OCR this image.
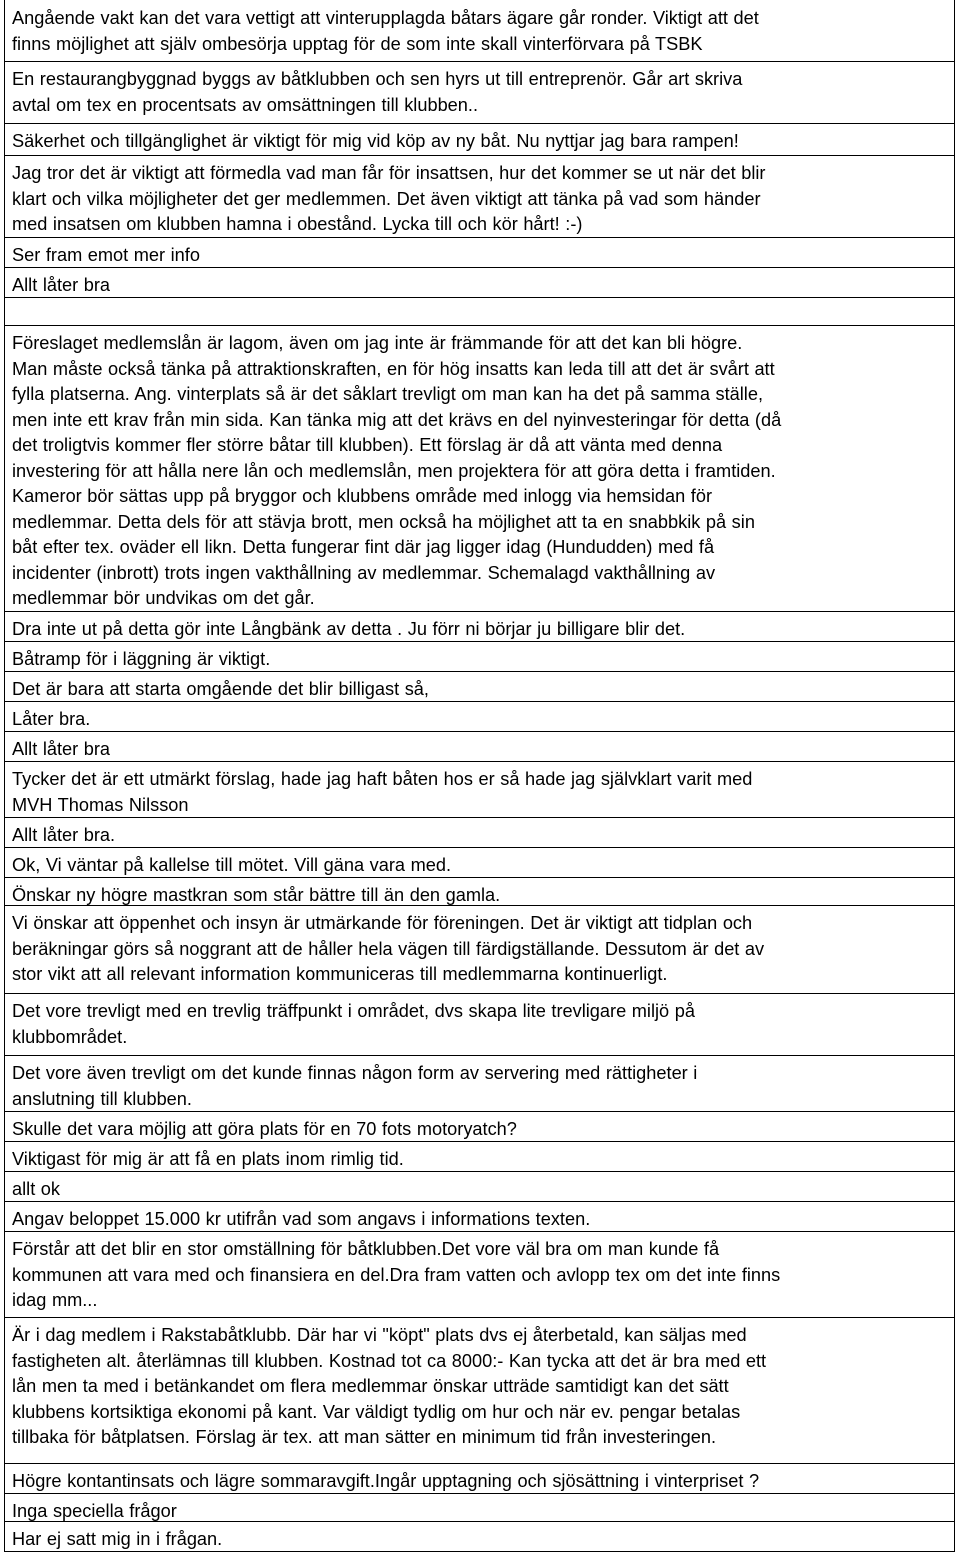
Angående vakt kan det vara vettigt att vinterupplagda båtars ägare går ronder. Viktigt att det
finns möjlighet att själv ombesörja upptag för de som inte skall vinterförvara på TSBK
En restaurangbyggnad byggs av båtklubben och sen hyrs ut till entreprenör. Går art skriva
avtal om tex en procentsats av omsättningen till klubben..
Säkerhet och tillgänglighet är viktigt för mig vid köp av ny båt. Nu nyttjar jag bara rampen!
Jag tror det är viktigt att förmedla vad man får för insattsen, hur det kommer se ut när det blir
klart och vilka möjligheter det ger medlemmen. Det även viktigt att tänka på vad som händer
med insatsen om klubben hamna i obestånd. Lycka till och kör hårt! :-)
Ser fram emot mer info
Allt låter bra
Föreslaget medlemslån är lagom, även om jag inte är främmande för att det kan bli högre.
Man måste också tänka på attraktionskraften, en för hög insatts kan leda till att det är svårt att
fylla platserna. Ang. vinterplats så är det såklart trevligt om man kan ha det på samma ställe,
men inte ett krav från min sida. Kan tänka mig att det krävs en del nyinvesteringar för detta (då
det troligtvis kommer fler större båtar till klubben). Ett förslag är då att vänta med denna
investering för att hålla nere lån och medlemslån, men projektera för att göra detta i framtiden.
Kameror bör sättas upp på bryggor och klubbens område med inlogg via hemsidan för
medlemmar. Detta dels för att stävja brott, men också ha möjlighet att ta en snabbkik på sin
båt efter tex. oväder ell likn. Detta fungerar fint där jag ligger idag (Hundudden) med få
incidenter (inbrott) trots ingen vakthållning av medlemmar. Schemalagd vakthållning av
medlemmar bör undvikas om det går.
Dra inte ut på detta gör inte Långbänk av detta . Ju förr ni börjar ju billigare blir det.
Båtramp för i läggning är viktigt.
Det är bara att starta omgående det blir billigast så,
Låter bra.
Allt låter bra
Tycker det är ett utmärkt förslag, hade jag haft båten hos er så hade jag självklart varit med
MVH Thomas Nilsson
Allt låter bra.
Ok, Vi väntar på kallelse till mötet. Vill gäna vara med.
Önskar ny högre mastkran som står bättre till än den gamla.
Vi önskar att öppenhet och insyn är utmärkande för föreningen. Det är viktigt att tidplan och
beräkningar görs så noggrant att de håller hela vägen till färdigställande. Dessutom är det av
stor vikt att all relevant information kommuniceras till medlemmarna kontinuerligt.
Det vore trevligt med en trevlig träffpunkt i området, dvs skapa lite trevligare miljö på
klubbområdet.
Det vore även trevligt om det kunde finnas någon form av servering med rättigheter i
anslutning till klubben.
Skulle det vara möjlig att göra plats för en 70 fots motoryatch?
Viktigast för mig är att få en plats inom rimlig tid.
allt ok
Angav beloppet 15.000 kr utifrån vad som angavs i informations texten.
Förstår att det blir en stor omställning för båtklubben.Det vore väl bra om man kunde få
kommunen att vara med och finansiera en del.Dra fram vatten och avlopp tex om det inte finns
idag mm...
Är i dag medlem i Rakstabåtklubb. Där har vi "köpt" plats dvs ej återbetald, kan säljas med
fastigheten alt. återlämnas till klubben. Kostnad tot ca 8000:- Kan tycka att det är bra med ett
lån men ta med i betänkandet om flera medlemmar önskar utträde samtidigt kan det sätt
klubbens kortsiktiga ekonomi på kant. Var väldigt tydlig om hur och när ev. pengar betalas
tillbaka för båtplatsen. Förslag är tex. att man sätter en minimum tid från investeringen.
Högre kontantinsats och lägre sommaravgift.Ingår upptagning och sjösättning i vinterpriset ?
Inga speciella frågor
Har ej satt mig in i frågan.
